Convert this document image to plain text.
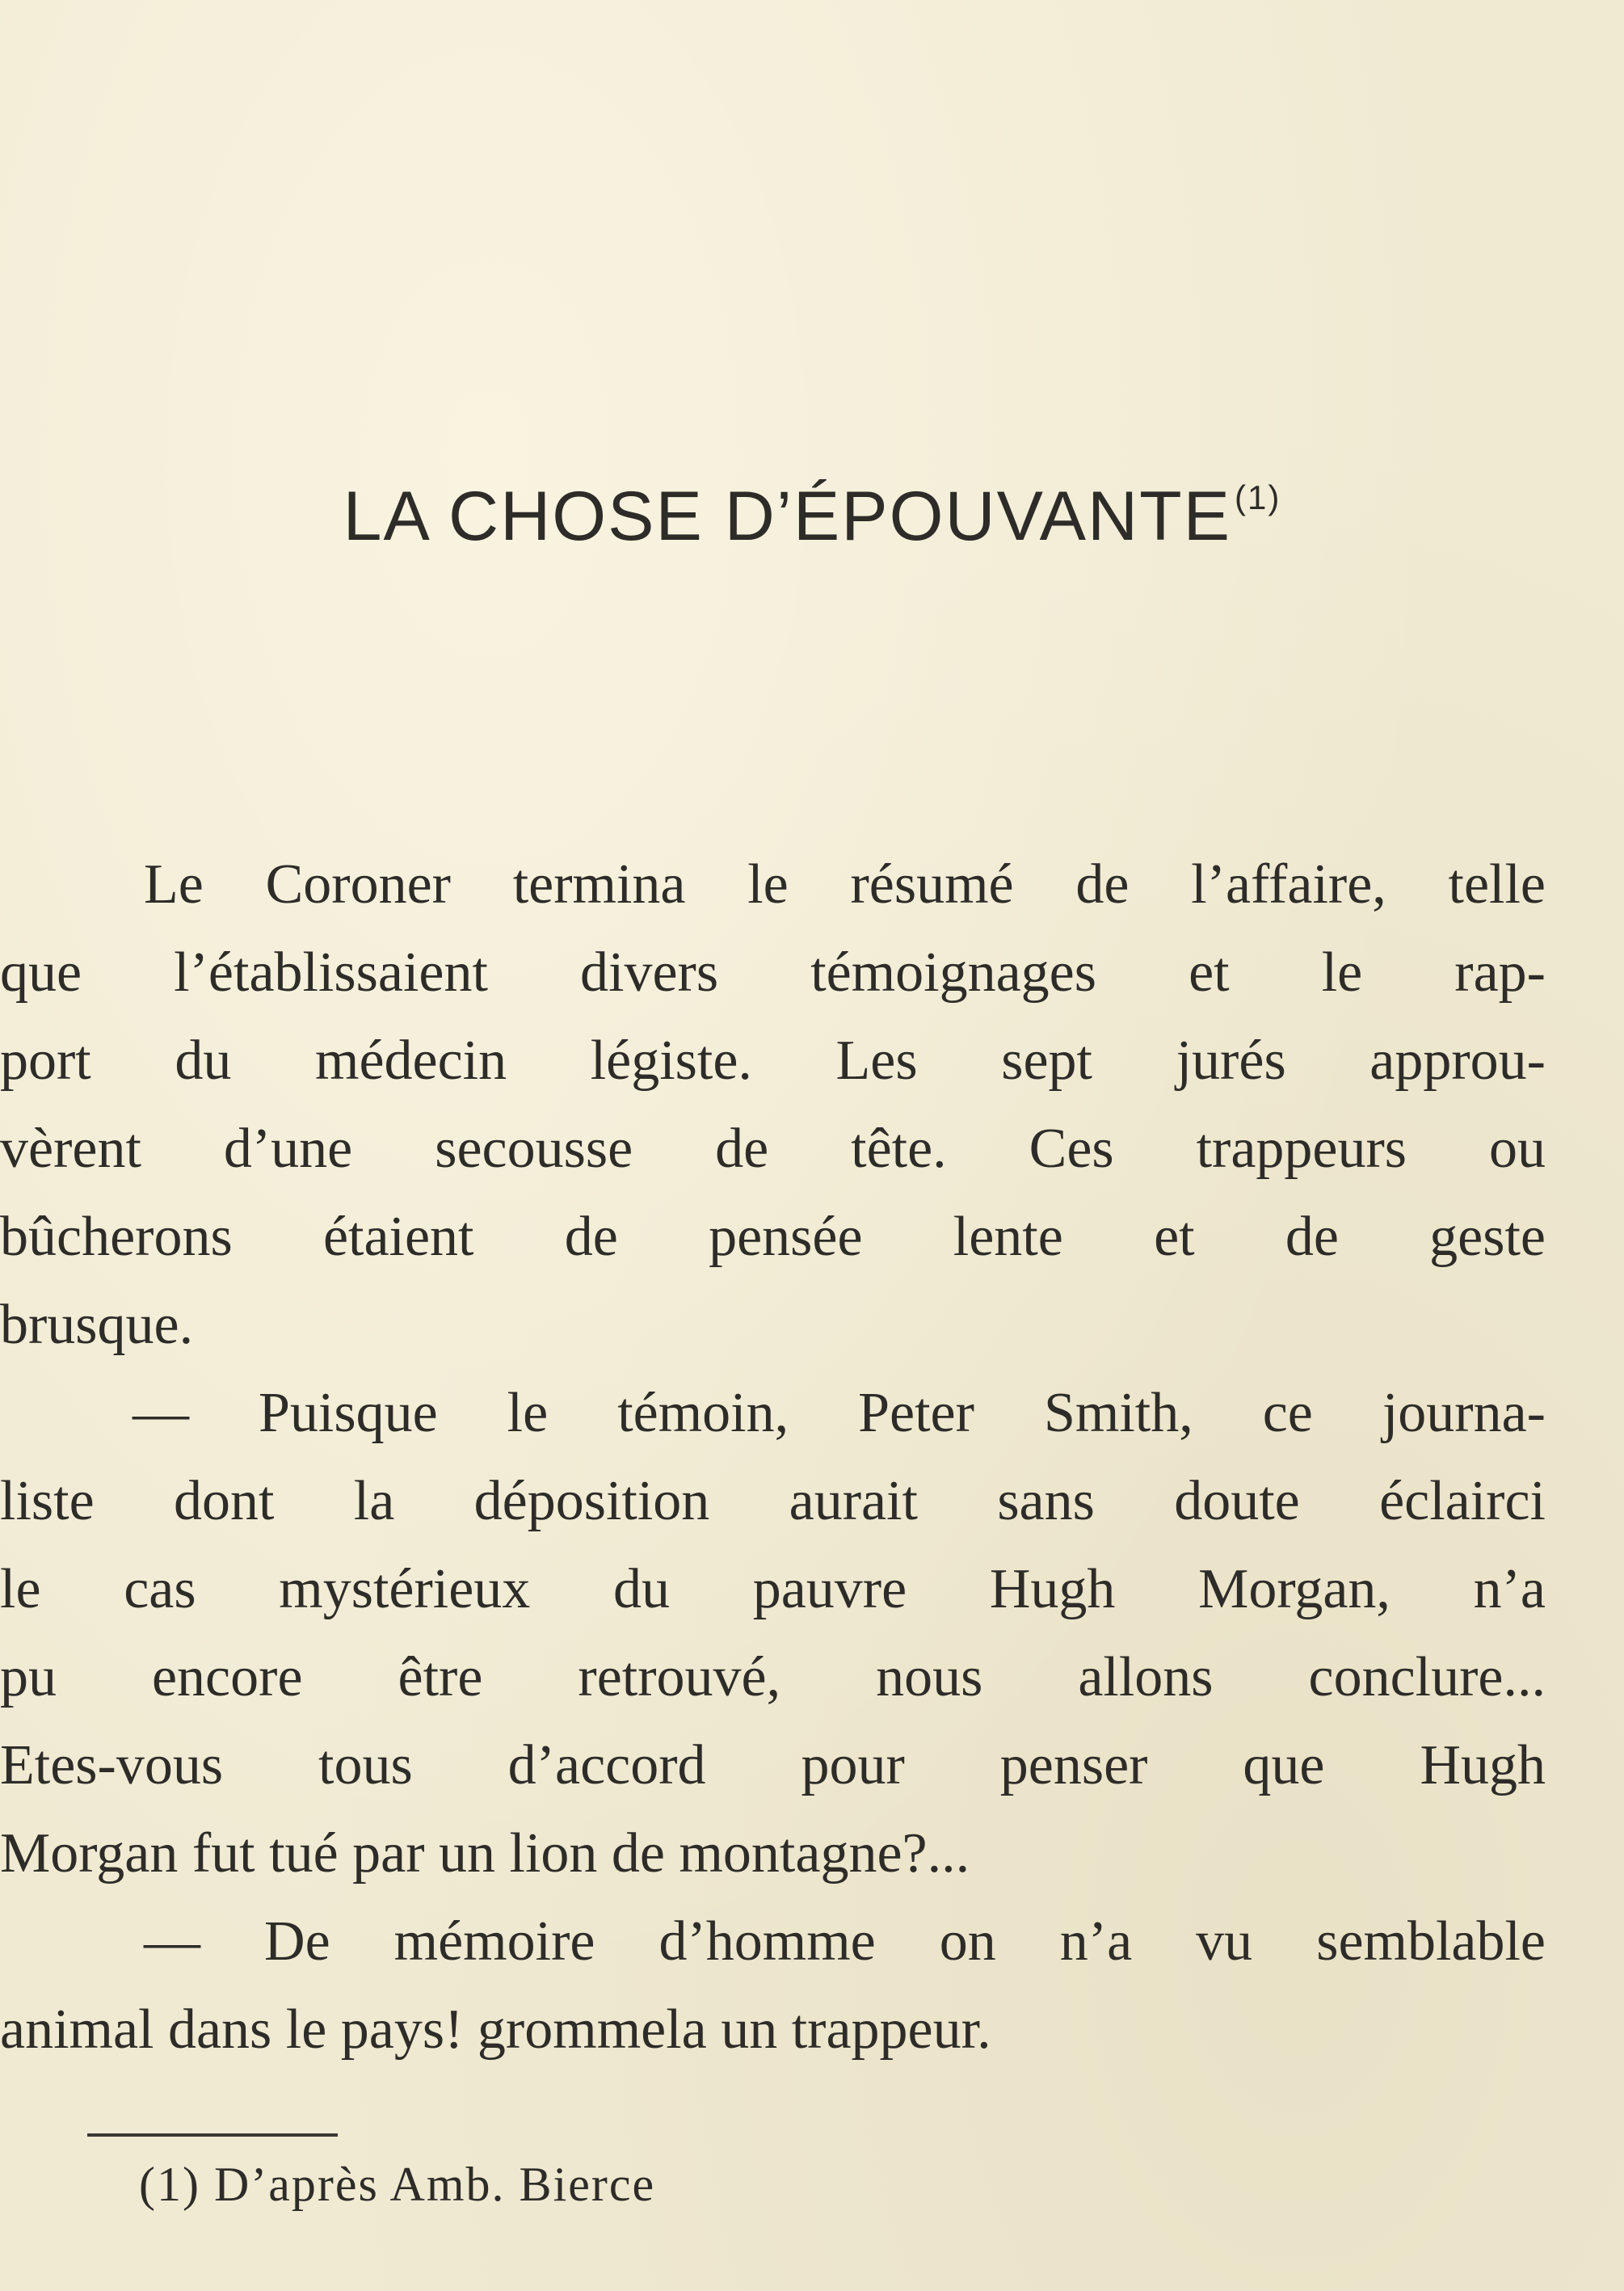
LA CHOSE D’ÉPOUVANTE$^{(1)}$
Le Coroner termina le résumé de l’affaire, telle
que l’établissaient divers témoignages et le rap-
port du médecin légiste. Les sept jurés approu-
vèrent d’une secousse de tête. Ces trappeurs ou
bûcherons étaient de pensée lente et de geste
brusque.
— Puisque le témoin, Peter Smith, ce journa-
liste dont la déposition aurait sans doute éclairci
le cas mystérieux du pauvre Hugh Morgan, n’a
pu encore être retrouvé, nous allons conclure...
Etes-vous tous d’accord pour penser que Hugh
Morgan fut tué par un lion de montagne?...
— De mémoire d’homme on n’a vu semblable
animal dans le pays! grommela un trappeur.
(1) D’après Amb. Bierce
